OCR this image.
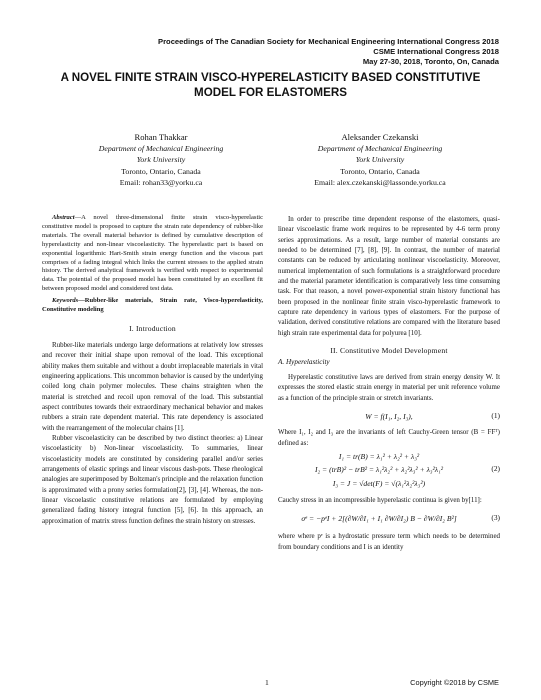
Proceedings of The Canadian Society for Mechanical Engineering International Congress 2018
CSME International Congress 2018
May 27-30, 2018, Toronto, On, Canada
A NOVEL FINITE STRAIN VISCO-HYPERELASTICITY BASED CONSTITUTIVE
MODEL FOR ELASTOMERS
Rohan Thakkar
Department of Mechanical Engineering
York University
Toronto, Ontario, Canada
Email: rohan33@yorku.ca
Aleksander Czekanski
Department of Mechanical Engineering
York University
Toronto, Ontario, Canada
Email: alex.czekanski@lassonde.yorku.ca
Abstract—A novel three-dimensional finite strain visco-hyperelastic constitutive model is proposed to capture the strain rate dependency of rubber-like materials. The overall material behavior is defined by cumulative description of hyperelasticity and non-linear viscoelasticity. The hyperelastic part is based on exponential logarithmic Hart-Smith strain energy function and the viscous part comprises of a fading integral which links the current stresses to the applied strain history. The derived analytical framework is verified with respect to experimental data. The potential of the proposed model has been constituted by an excellent fit between proposed model and considered test data.
Keywords—Rubber-like materials, Strain rate, Visco-hyperelasticity, Constitutive modeling
I. Introduction

Rubber-like materials undergo large deformations at relatively low stresses and recover their initial shape upon removal of the load. This exceptional ability makes them suitable and without a doubt irreplaceable materials in vital engineering applications. This uncommon behavior is caused by the underlying coiled long chain polymer molecules. These chains straighten when the material is stretched and recoil upon removal of the load. This substantial aspect contributes towards their extraordinary mechanical behavior and makes rubbers a strain rate dependent material. This rate dependency is associated with the rearrangement of the molecular chains [1].

Rubber viscoelasticity can be described by two distinct theories: a) Linear viscoelasticity b) Non-linear viscoelasticity. To summaries, linear viscoelasticity models are constituted by considering parallel and/or series arrangements of elastic springs and linear viscous dash-pots. These rheological analogies are superimposed by Boltzman's principle and the relaxation function is approximated with a prony series formulation[2], [3], [4]. Whereas, the non-linear viscoelastic constitutive relations are formulated by employing generalized fading history integral function [5], [6]. In this approach, an approximation of matrix stress function defines the strain history on stresses.

In order to prescribe time dependent response of the elastomers, quasi-linear viscoelastic frame work requires to be represented by 4-6 term prony series approximations. As a result, large number of material constants are needed to be determined [7], [8], [9]. In contrast, the number of material constants can be reduced by articulating nonlinear viscoelasticity. Moreover, numerical implementation of such formulations is a straightforward procedure and the material parameter identification is comparatively less time consuming task. For that reason, a novel power-exponential strain history functional has been proposed in the nonlinear finite strain visco-hyperelastic framework to capture rate dependency in various types of elastomers. For the purpose of validation, derived constitutive relations are compared with the literature based high strain rate experimental data for polyurea [10].

II. Constitutive Model Development
A. Hyperelasticity

Hyperelastic constitutive laws are derived from strain energy density W. It expresses the stored elastic strain energy in material per unit reference volume as a function of the principle strain or stretch invariants.

W = f(I₁, I₂, I₃),	(1)
Where I₁, I₂ and I₃ are the invariants of left Cauchy-Green tensor (B = FFᵀ) defined as:
I₁ = tr(B) = λ₁² + λ₂² + λ₃²
I₂ = (trB)² − trB² = λ₁²λ₂² + λ₂²λ₃² + λ₃²λ₁²
I₃ = J = √det(F) = √(λ₁²λ₂²λ₃²)
(2)
Cauchy stress in an incompressible hyperelastic continua is given by[11]:
σᵉ = −pᵉI + 2[(∂W/∂I₁ + I₁ ∂W/∂I₂) B − ∂W/∂I₂ B²]	(3)
where where pᵉ is a hydrostatic pressure term which needs to be determined from boundary conditions and I is an identity
1	Copyright ©2018 by CSME
